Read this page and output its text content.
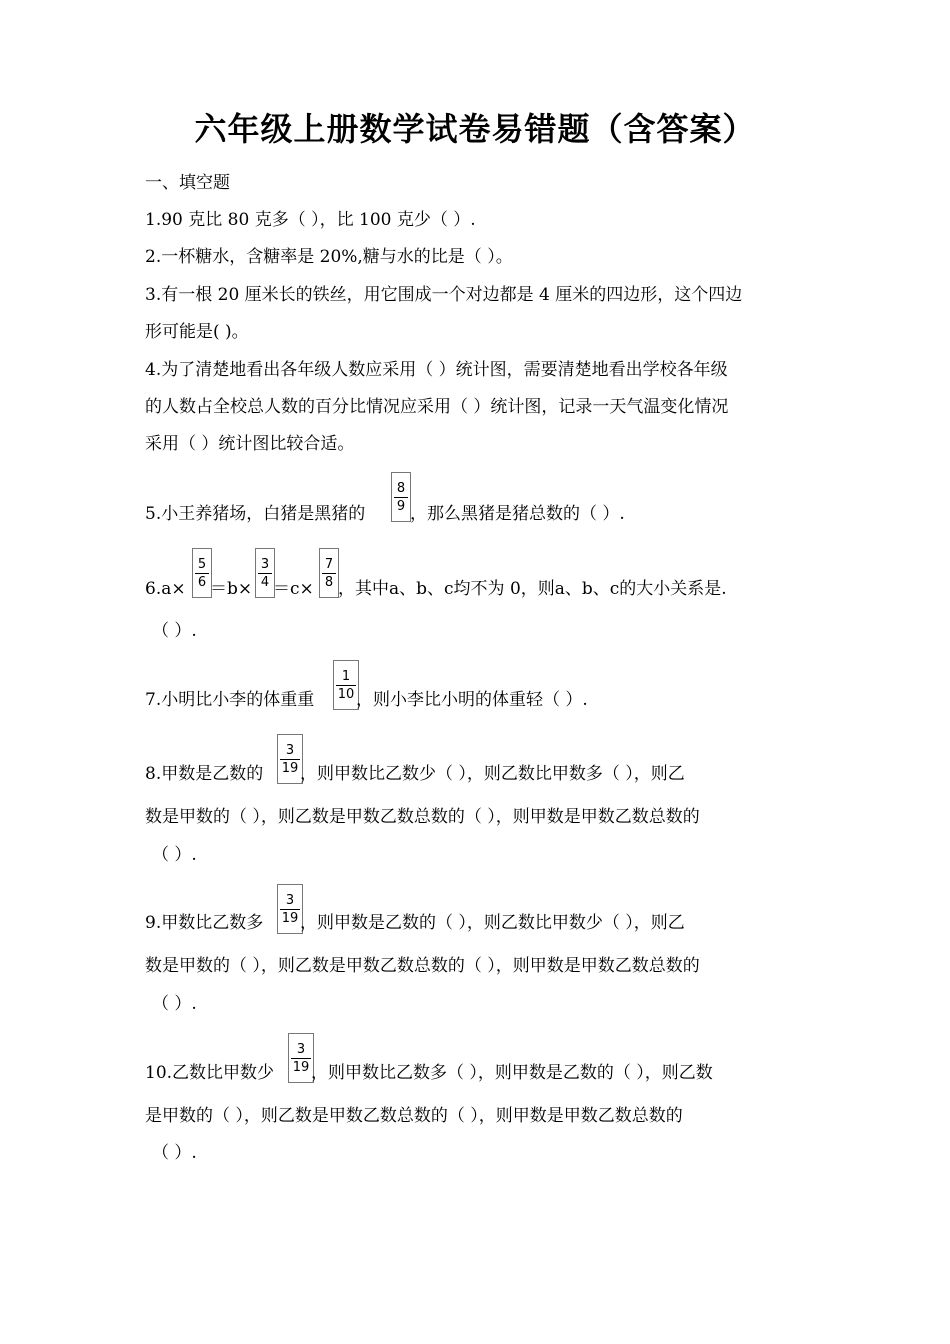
六年级上册数学试卷易错题（含答案）
一、填空题
1.90 克比 80 克多（ ），比 100 克少（ ）.
2.一杯糖水，含糖率是 20%,糖与水的比是（ ）。
3.有一根 20 厘米长的铁丝，用它围成一个对边都是 4 厘米的四边形，这个四边
形可能是( )。
4.为了清楚地看出各年级人数应采用（ ）统计图，需要清楚地看出学校各年级
的人数占全校总人数的百分比情况应采用（ ）统计图，记录一天气温变化情况
采用（ ）统计图比较合适。
5.小王养猪场，白猪是黑猪的
8
9 ，那么黑猪是猪总数的（ ）.
6.a×
5
6 ＝b×
3
4 ＝c×
7
8 ，其中a、b、c均不为 0，则a、b、c的大小关系是.
（ ）.
7.小明比小李的体重重
1
10 ，则小李比小明的体重轻（ ）.
8.甲数是乙数的
3
19 ，则甲数比乙数少（ ），则乙数比甲数多（ ），则乙
数是甲数的（ ），则乙数是甲数乙数总数的（ ），则甲数是甲数乙数总数的
（ ）.
9.甲数比乙数多
3
19 ，则甲数是乙数的（ ），则乙数比甲数少（ ），则乙
数是甲数的（ ），则乙数是甲数乙数总数的（ ），则甲数是甲数乙数总数的
（ ）.
10.乙数比甲数少
3
19 ，则甲数比乙数多（ ），则甲数是乙数的（ ），则乙数
是甲数的（ ），则乙数是甲数乙数总数的（ ），则甲数是甲数乙数总数的
（ ）.
